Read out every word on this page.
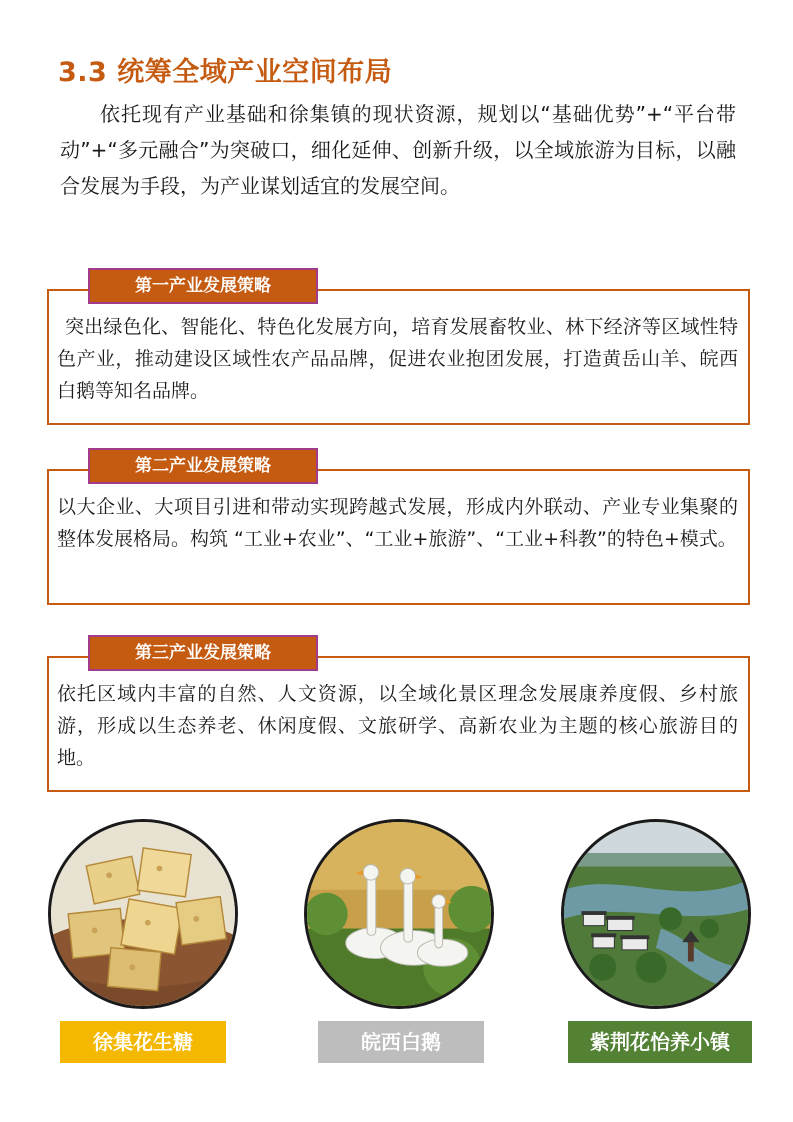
3.3 统筹全域产业空间布局
依托现有产业基础和徐集镇的现状资源，规划以“基础优势”+“平台带动”+“多元融合”为突破口，细化延伸、创新升级，以全域旅游为目标，以融合发展为手段，为产业谋划适宜的发展空间。
突出绿色化、智能化、特色化发展方向，培育发展畜牧业、林下经济等区域性特色产业，推动建设区域性农产品品牌，促进农业抱团发展，打造黄岳山羊、皖西白鹅等知名品牌。
第一产业发展策略
以大企业、大项目引进和带动实现跨越式发展，形成内外联动、产业专业集聚的整体发展格局。构筑 “工业+农业”、“工业+旅游”、“工业+科教”的特色+模式。
第二产业发展策略
依托区域内丰富的自然、人文资源，以全域化景区理念发展康养度假、乡村旅游，形成以生态养老、休闲度假、文旅研学、高新农业为主题的核心旅游目的地。
第三产业发展策略
徐集花生糖	皖西白鹅	紫荆花怡养小镇
